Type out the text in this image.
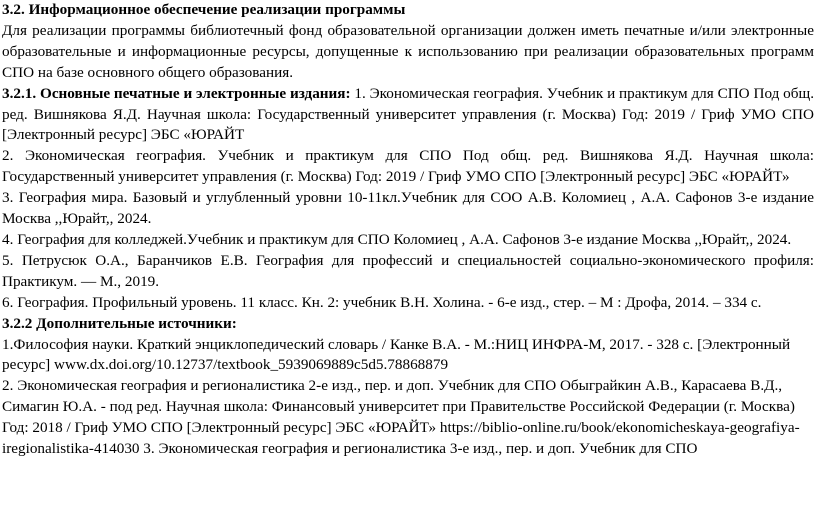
3.2. Информационное обеспечение реализации программы

Для реализации программы библиотечный фонд образовательной организации должен иметь печатные и/или электронные образовательные и информационные ресурсы, допущенные к использованию при реализации образовательных программ СПО на базе основного общего образования.

3.2.1. Основные печатные и электронные издания: 1. Экономическая география. Учебник и практикум для СПО Под общ. ред. Вишнякова Я.Д. Научная школа: Государственный университет управления (г. Москва) Год: 2019 / Гриф УМО СПО [Электронный ресурс] ЭБС «ЮРАЙТ

2. Экономическая география. Учебник и практикум для СПО Под общ. ред. Вишнякова Я.Д. Научная школа: Государственный университет управления (г. Москва) Год: 2019 / Гриф УМО СПО [Электронный ресурс] ЭБС «ЮРАЙТ»

3. География мира. Базовый и углубленный уровни 10-11кл.Учебник для СОО А.В. Коломиец , А.А. Сафонов 3-е издание Москва ,,Юрайт,, 2024.

4. География для колледжей.Учебник и практикум для СПО Коломиец , А.А. Сафонов 3-е издание Москва ,,Юрайт,, 2024.

5. Петрусюк О.А., Баранчиков Е.В. География для профессий и специальностей социально-экономического профиля: Практикум. — М., 2019.

6. География. Профильный уровень. 11 класс. Кн. 2: учебник В.Н. Холина. - 6-е изд., стер. – М : Дрофа, 2014. – 334 с.

3.2.2 Дополнительные источники:

1.Философия науки. Краткий энциклопедический словарь / Канке В.А. - М.:НИЦ ИНФРА-М, 2017. - 328 с. [Электронный ресурс] www.dx.doi.org/10.12737/textbook_5939069889c5d5.78868879

2. Экономическая география и регионалистика 2-е изд., пер. и доп. Учебник для СПО Обыгрaйкин А.В., Карасаева В.Д., Симагин Ю.А. - под ред. Научная школа: Финансовый университет при Правительстве Российской Федерации (г. Москва) Год: 2018 / Гриф УМО СПО [Электронный ресурс] ЭБС «ЮРАЙТ» https://biblio-online.ru/book/ekonomicheskaya-geografiya-iregionalistika-414030 3. Экономическая география и регионалистика 3-е изд., пер. и доп. Учебник для СПО
